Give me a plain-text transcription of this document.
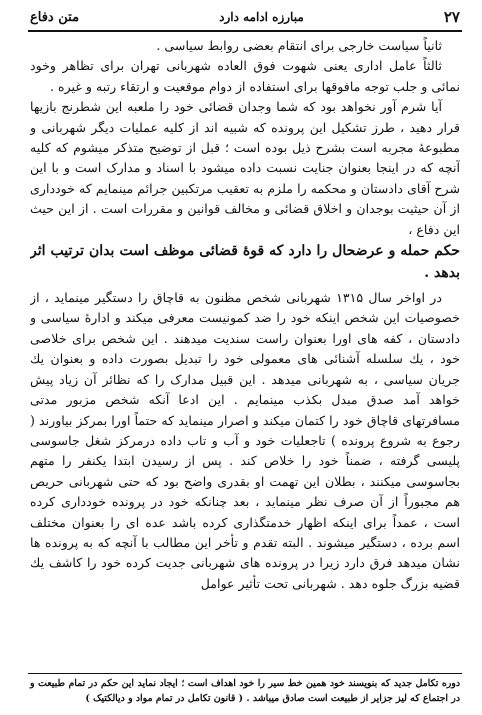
متن دفاع	مبارزه ادامه دارد	۲۷

ثانیاً سیاست خارجی برای انتقام بعضی روابط سیاسی .

ثالثاً عامل اداری یعنی شهوت فوق العاده شهربانی تهران برای تظاهر وخود نمائی و جلب توجه مافوقها برای استفاده از دوام موقعیت و ارتقاء رتبه و غیره .

آیا شرم آور نخواهد بود که شما وجدان قضائی خود را ملعبه این شطرنج بازیها قرار دهید ، طرز تشکیل این پرونده که شبیه اند از کلیه عملیات دیگر شهربانی و مطبوعهٔ مجربه است بشرح ذیل بوده است ؛ قبل از توضیح متذکر میشوم که کلیه آنچه که در اینجا بعنوان جنایت نسبت داده میشود با اسناد و مدارک است و با این شرح آقای دادستان و محکمه را ملزم به تعقیب مرتکبین جرائم مینمایم که خودداری از آن حیثیت بوجدان و اخلاق قضائی و مخالف قوانین و مقررات است . از این حیث این دفاع ،

حکم حمله و عرضحال را دارد که قوهٔ قضائی موظف است بدان ترتیب اثر بدهد .

در اواخر سال ۱۳۱۵ شهربانی شخص مظنون به قاچاق را دستگیر مینماید ، از خصوصیات این شخص اینکه خود را ضد کمونیست معرفی میکند و ادارهٔ سیاسی و دادستان ، کفه های اورا بعنوان راست سندیت میدهند . این شخص برای خلاصی خود ، یك سلسله آشنائی های معمولی خود را تبدیل بصورت داده و بعنوان یك جریان سیاسی ، به شهربانی میدهد . این قبیل مدارک را که نظائر آن زیاد پیش خواهد آمد صدق مبدل بکذب مینمایم . این ادعا آنکه شخص مزبور مدتی مسافرتهای قاچاق خود را کتمان میکند و اصرار مینماید که حتماً اورا بمرکز بیاورند ( رجوع به شروع پرونده ) تاجعلیات خود و آب و تاب داده درمرکز شغل جاسوسی پلیسی گرفته ، ضمناً خود را خلاص کند . پس از رسیدن ابتدا یکنفر را متهم بجاسوسی میکنند ، بطلان این تهمت او بقدری واضح بود که حتی شهربانی حریص هم مجبوراً از آن صرف نظر مینماید ، بعد چنانکه خود در پرونده خودداری کرده است ، عمداً برای اینکه اظهار خدمتگذاری کرده باشد عده ای را بعنوان مختلف اسم برده ، دستگیر میشوند . البته تقدم و تأخر این مطالب با آنچه که به پرونده ها نشان میدهد فرق دارد زیرا در پرونده های شهربانی جدیت کرده خود را کاشف یك قضیه بزرگ جلوه دهد . شهربانی تحت تأثیر عوامل

دوره تکامل جدید که بنویسند خود همین خط سیر را خود اهداف است ؛ ایجاد نماید این حکم در تمام طبیعت و در اجتماع که لیز جزایر از طبیعت است صادق میباشد . ( قانون تکامل در تمام مواد و دیالکتیک )
